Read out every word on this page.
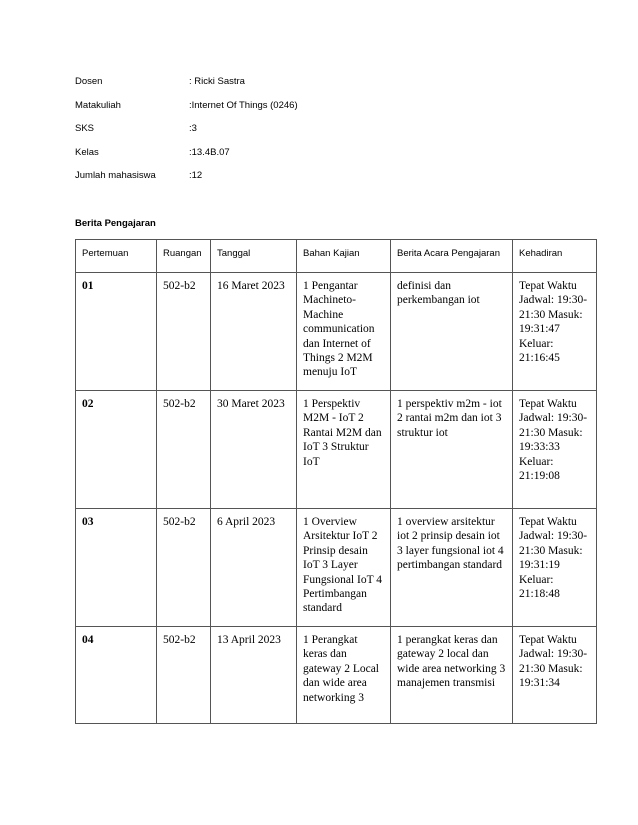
Dosen	: Ricki Sastra
Matakuliah	:Internet Of Things (0246)
SKS	:3
Kelas	:13.4B.07
Jumlah mahasiswa	:12
Berita Pengajaran
Pertemuan	Ruangan	Tanggal	Bahan Kajian	Berita Acara Pengajaran	Kehadiran
01	502-b2	16 Maret 2023	1 Pengantar Machineto-Machine communication dan Internet of Things 2 M2M menuju IoT	definisi dan perkembangan iot	Tepat Waktu Jadwal: 19:30-21:30 Masuk: 19:31:47 Keluar: 21:16:45
02	502-b2	30 Maret 2023	1 Perspektiv M2M - IoT 2 Rantai M2M dan IoT 3 Struktur IoT	1 perspektiv m2m - iot 2 rantai m2m dan iot 3 struktur iot	Tepat Waktu Jadwal: 19:30-21:30 Masuk: 19:33:33 Keluar: 21:19:08
03	502-b2	6 April 2023	1 Overview Arsitektur IoT 2 Prinsip desain IoT 3 Layer Fungsional IoT 4 Pertimbangan standard	1 overview arsitektur iot 2 prinsip desain iot 3 layer fungsional iot 4 pertimbangan standard	Tepat Waktu Jadwal: 19:30-21:30 Masuk: 19:31:19 Keluar: 21:18:48
04	502-b2	13 April 2023	1 Perangkat keras dan gateway 2 Local dan wide area networking 3	1 perangkat keras dan gateway 2 local dan wide area networking 3 manajemen transmisi	Tepat Waktu Jadwal: 19:30-21:30 Masuk: 19:31:34
